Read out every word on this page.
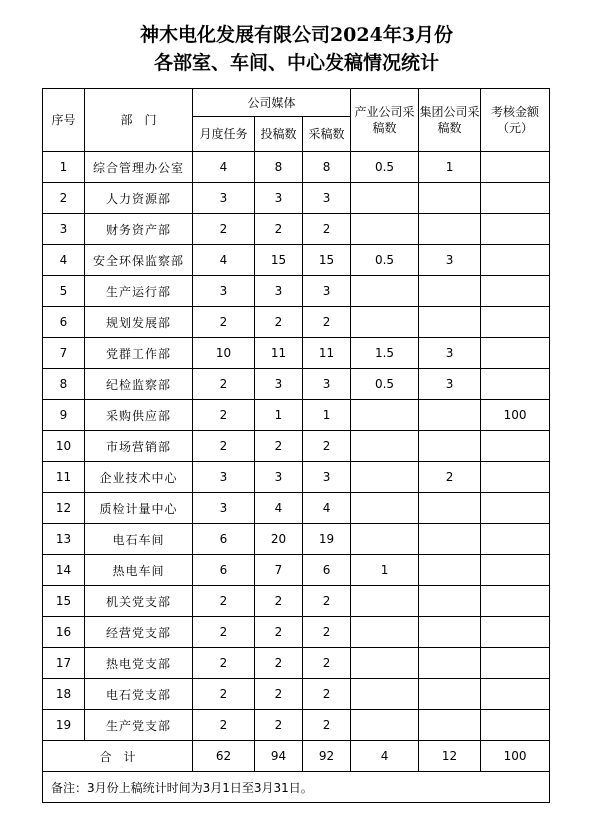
神木电化发展有限公司2024年3月份
各部室、车间、中心发稿情况统计
序号	部　门	公司媒体			产业公司采稿数	集团公司采稿数	考核金额（元）
		月度任务	投稿数	采稿数			
1	综合管理办公室	4	8	8	0.5	1	
2	人力资源部	3	3	3			
3	财务资产部	2	2	2			
4	安全环保监察部	4	15	15	0.5	3	
5	生产运行部	3	3	3			
6	规划发展部	2	2	2			
7	党群工作部	10	11	11	1.5	3	
8	纪检监察部	2	3	3	0.5	3	
9	采购供应部	2	1	1			100
10	市场营销部	2	2	2			
11	企业技术中心	3	3	3		2	
12	质检计量中心	3	4	4			
13	电石车间	6	20	19			
14	热电车间	6	7	6	1		
15	机关党支部	2	2	2			
16	经营党支部	2	2	2			
17	热电党支部	2	2	2			
18	电石党支部	2	2	2			
19	生产党支部	2	2	2			
合　计		62	94	92	4	12	100
备注：3月份上稿统计时间为3月1日至3月31日。							
